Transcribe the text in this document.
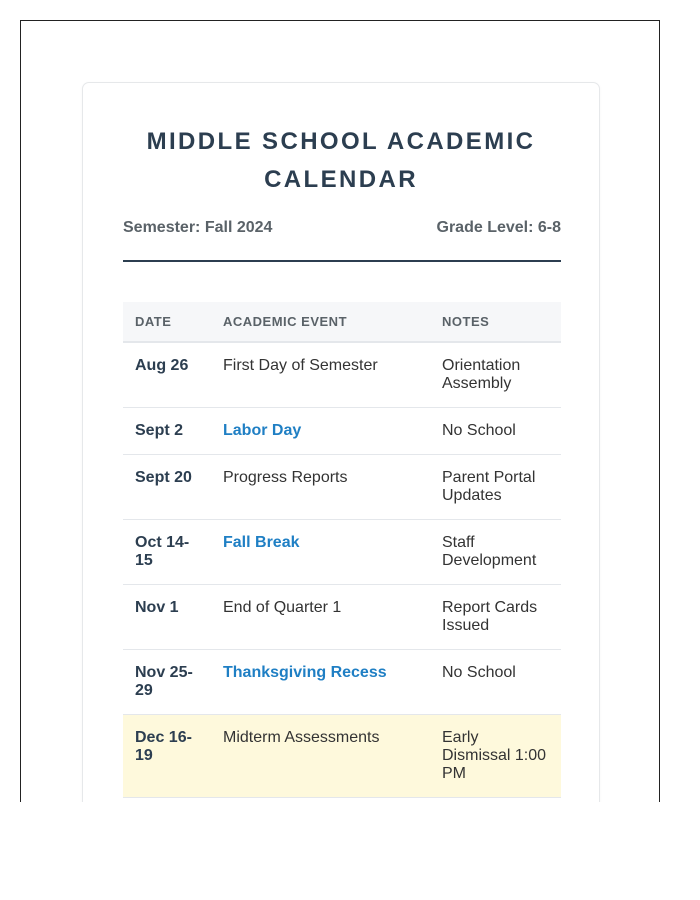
MIDDLE SCHOOL ACADEMIC CALENDAR
Semester: Fall 2024	Grade Level: 6-8
DATE	ACADEMIC EVENT	NOTES
Aug 26	First Day of Semester	Orientation Assembly
Sept 2	Labor Day	No School
Sept 20	Progress Reports	Parent Portal Updates
Oct 14-15	Fall Break	Staff Development
Nov 1	End of Quarter 1	Report Cards Issued
Nov 25-29	Thanksgiving Recess	No School
Dec 16-19	Midterm Assessments	Early Dismissal 1:00 PM
